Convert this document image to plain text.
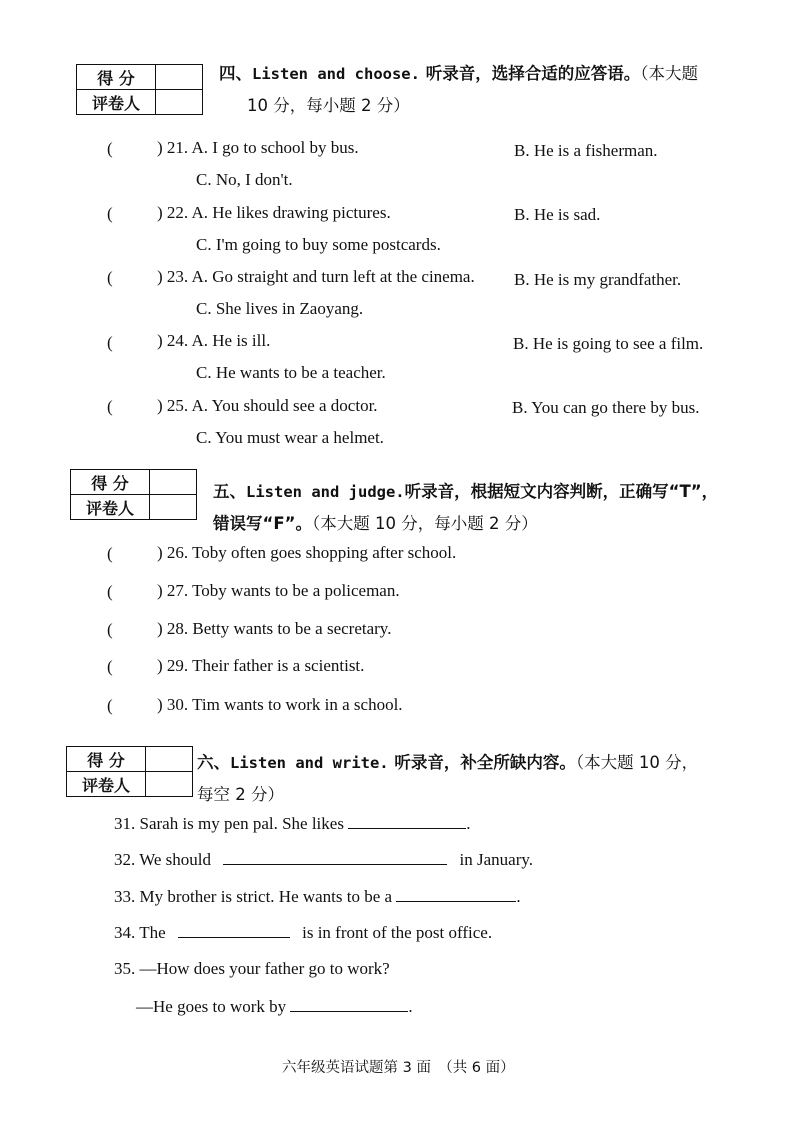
得 分	
评卷人	
四、Listen and choose. 听录音，选择合适的应答语。（本大题
10 分，每小题 2 分）
(	) 21. A. I go to school by bus.	B. He is a fisherman.
C. No, I don't.
(	) 22. A. He likes drawing pictures.	B. He is sad.
C. I'm going to buy some postcards.
(	) 23. A. Go straight and turn left at the cinema. B. He is my grandfather.
C. She lives in Zaoyang.
(	) 24. A. He is ill.	B. He is going to see a film.
C. He wants to be a teacher.
(	) 25. A. You should see a doctor.	B. You can go there by bus.
C. You must wear a helmet.
得 分	
评卷人	
五、Listen and judge.听录音，根据短文内容判断，正确写“T”，
错误写“F”。（本大题 10 分，每小题 2 分）
(	) 26. Toby often goes shopping after school.
(	) 27. Toby wants to be a policeman.
(	) 28. Betty wants to be a secretary.
(	) 29. Their father is a scientist.
(	) 30. Tim wants to work in a school.
得 分	
评卷人	
六、Listen and write. 听录音，补全所缺内容。（本大题 10 分，
每空 2 分）
31. Sarah is my pen pal. She likes	.
32. We should	in January.
33. My brother is strict. He wants to be a	.
34. The	is in front of the post office.
35. —How does your father go to work?
—He goes to work by	.
六年级英语试题第 3 面　（共 6 面）
